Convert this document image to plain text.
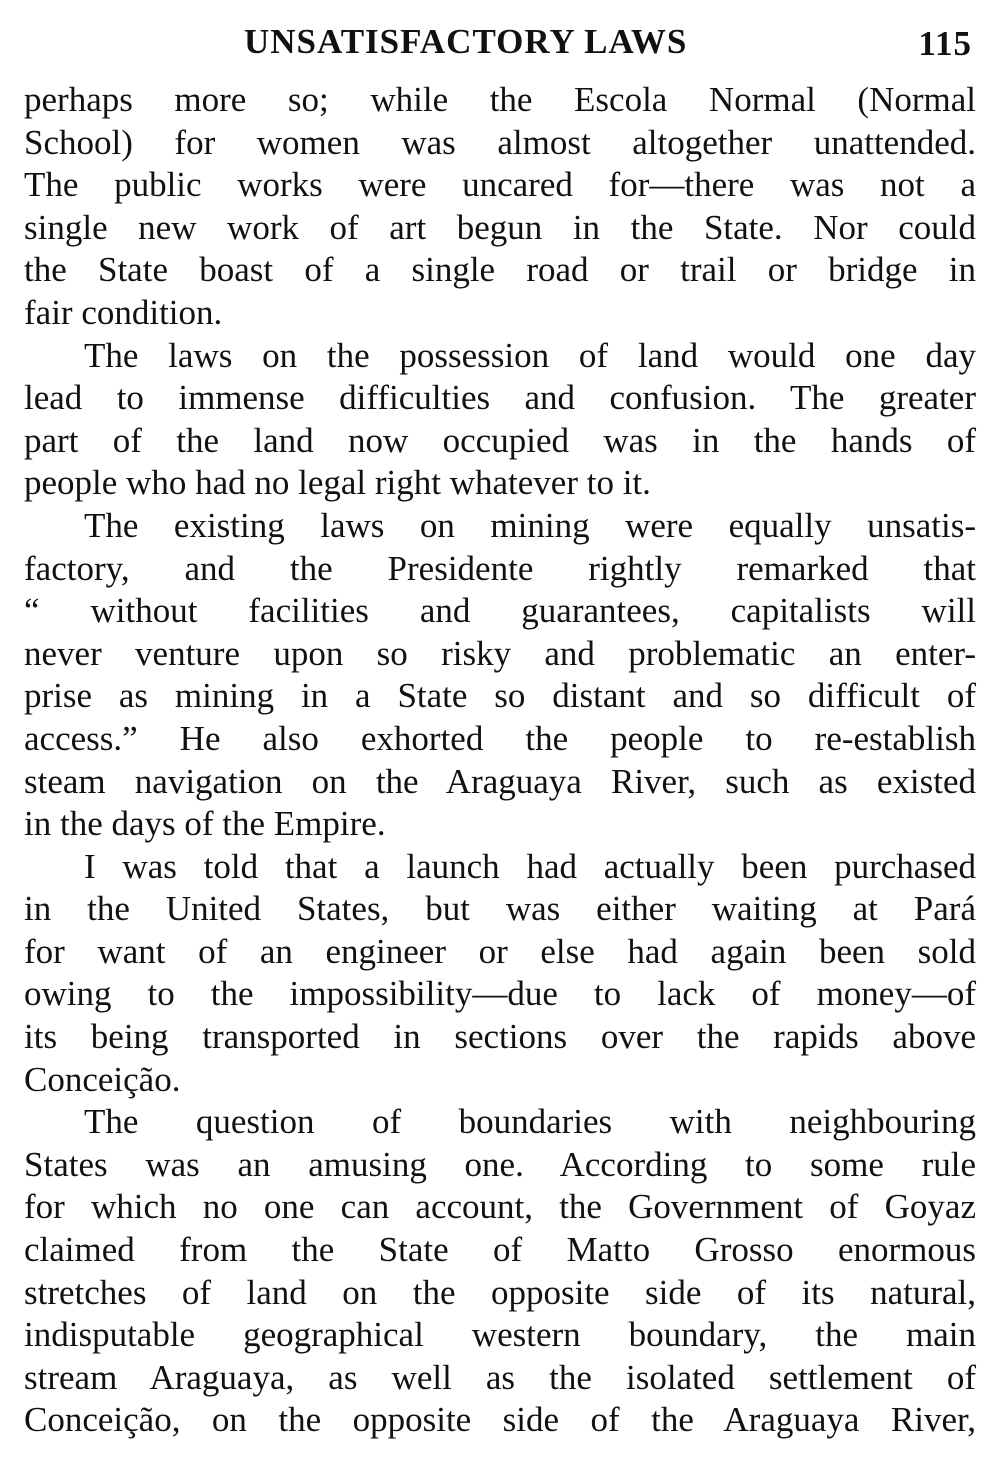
UNSATISFACTORY LAWS	115

perhaps more so; while the Escola Normal (Normal
School) for women was almost altogether unattended.
The public works were uncared for—there was not a
single new work of art begun in the State. Nor could
the State boast of a single road or trail or bridge in
fair condition.

The laws on the possession of land would one day
lead to immense difficulties and confusion. The greater
part of the land now occupied was in the hands of
people who had no legal right whatever to it.

The existing laws on mining were equally unsatis-
factory, and the Presidente rightly remarked that
“ without facilities and guarantees, capitalists will
never venture upon so risky and problematic an enter-
prise as mining in a State so distant and so difficult of
access.” He also exhorted the people to re-establish
steam navigation on the Araguaya River, such as existed
in the days of the Empire.

I was told that a launch had actually been purchased
in the United States, but was either waiting at Pará
for want of an engineer or else had again been sold
owing to the impossibility—due to lack of money—of
its being transported in sections over the rapids above
Conceição.

The question of boundaries with neighbouring
States was an amusing one. According to some rule
for which no one can account, the Government of Goyaz
claimed from the State of Matto Grosso enormous
stretches of land on the opposite side of its natural,
indisputable geographical western boundary, the main
stream Araguaya, as well as the isolated settlement of
Conceição, on the opposite side of the Araguaya River,
